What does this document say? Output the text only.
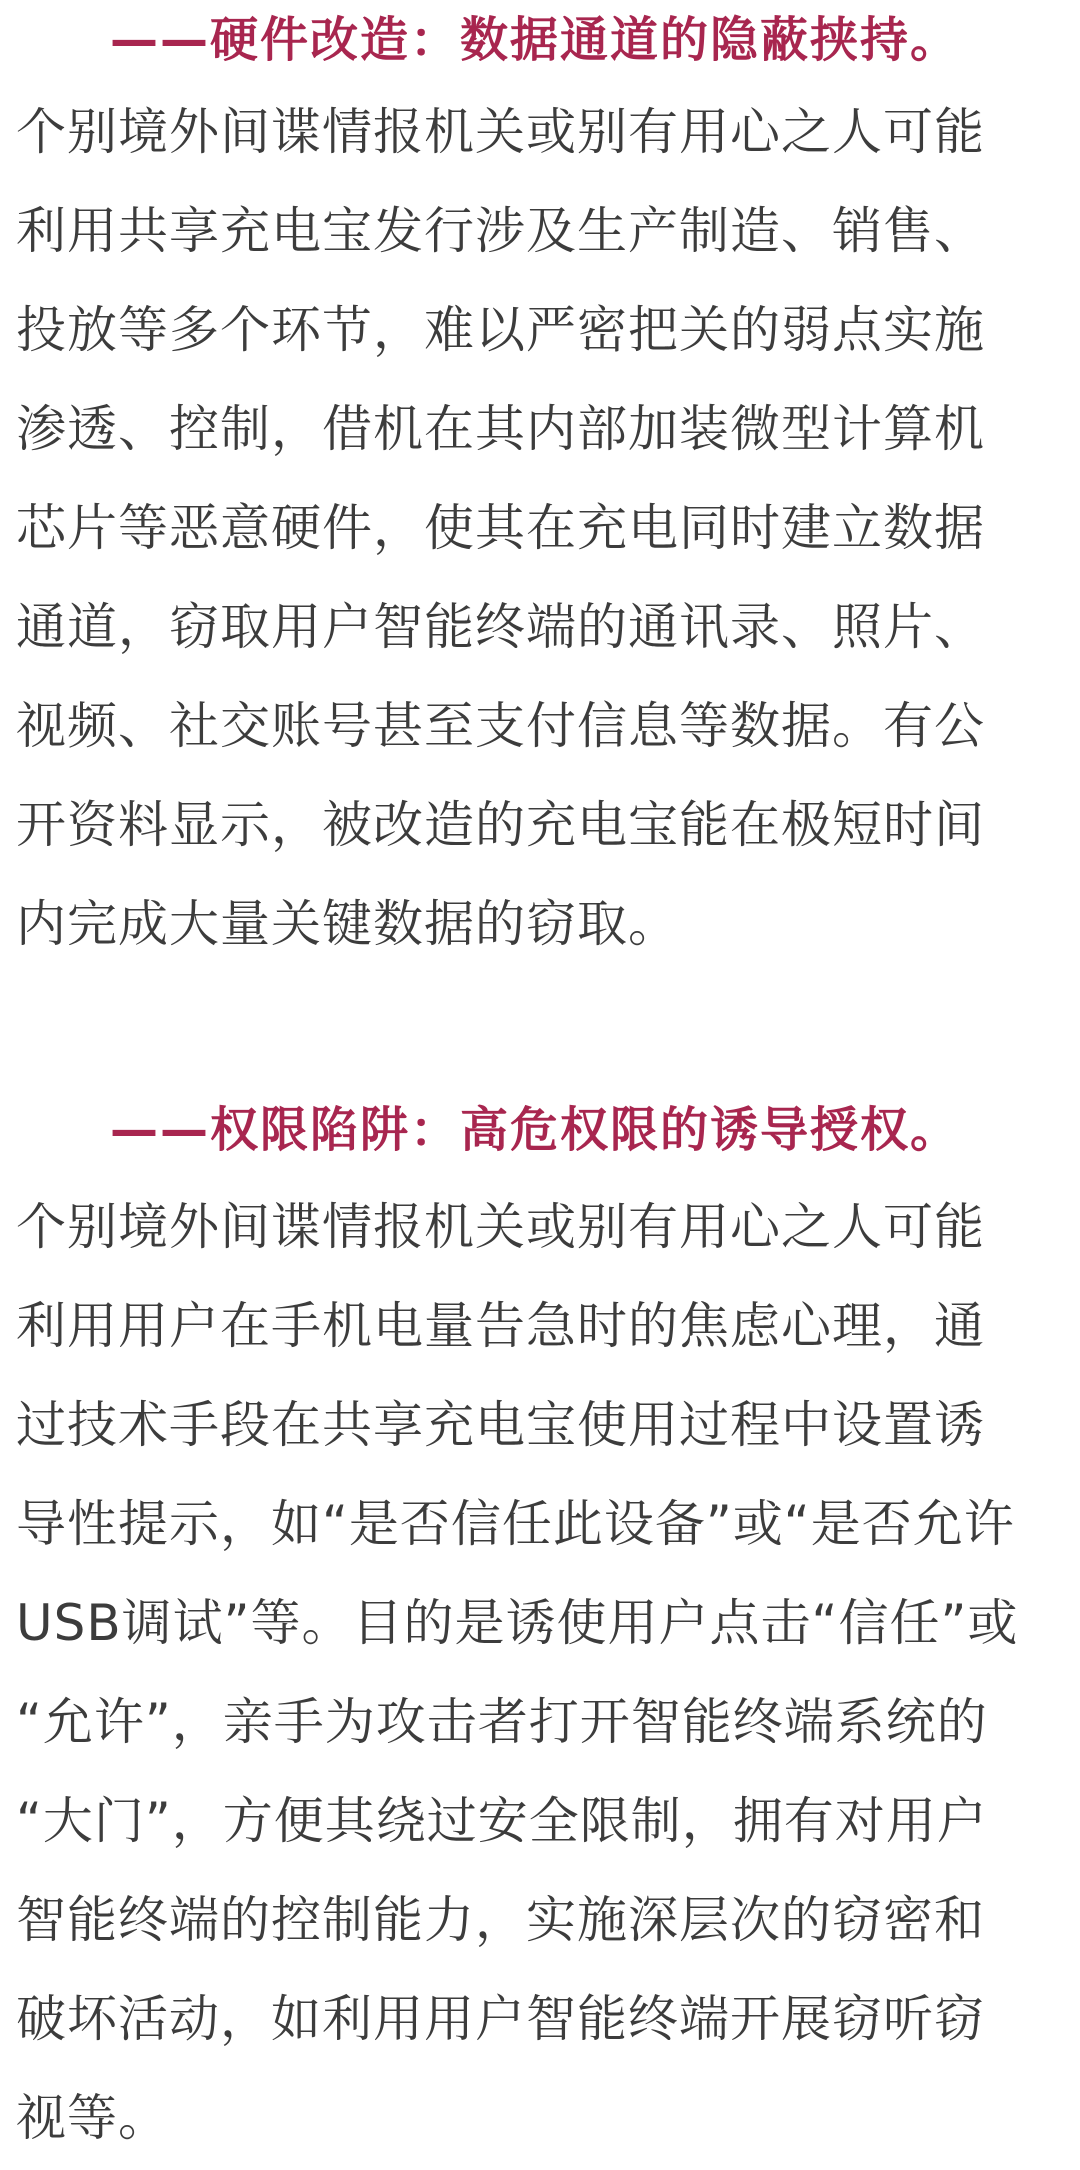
——硬件改造：数据通道的隐蔽挟持。

个别境外间谍情报机关或别有用心之人可能
利用共享充电宝发行涉及生产制造、销售、
投放等多个环节，难以严密把关的弱点实施
渗透、控制，借机在其内部加装微型计算机
芯片等恶意硬件，使其在充电同时建立数据
通道，窃取用户智能终端的通讯录、照片、
视频、社交账号甚至支付信息等数据。有公
开资料显示，被改造的充电宝能在极短时间
内完成大量关键数据的窃取。

——权限陷阱：高危权限的诱导授权。

个别境外间谍情报机关或别有用心之人可能
利用用户在手机电量告急时的焦虑心理，通
过技术手段在共享充电宝使用过程中设置诱
导性提示，如“是否信任此设备”或“是否允许
USB调试”等。目的是诱使用户点击“信任”或
“允许”，亲手为攻击者打开智能终端系统的
“大门”，方便其绕过安全限制，拥有对用户
智能终端的控制能力，实施深层次的窃密和
破坏活动，如利用用户智能终端开展窃听窃
视等。
